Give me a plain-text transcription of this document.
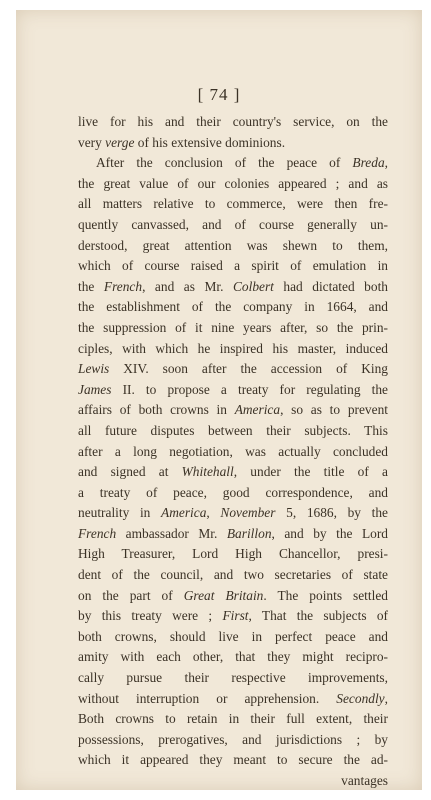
[ 74 ]
live for his and their country's service, on the
very verge of his extensive dominions.
After the conclusion of the peace of Breda,
the great value of our colonies appeared ; and as
all matters relative to commerce, were then fre-
quently canvassed, and of course generally un-
derstood, great attention was shewn to them,
which of course raised a spirit of emulation in
the French, and as Mr. Colbert had dictated both
the establishment of the company in 1664, and
the suppression of it nine years after, so the prin-
ciples, with which he inspired his master, induced
Lewis XIV. soon after the accession of King
James II. to propose a treaty for regulating the
affairs of both crowns in America, so as to prevent
all future disputes between their subjects. This
after a long negotiation, was actually concluded
and signed at Whitehall, under the title of a
a treaty of peace, good correspondence, and
neutrality in America, November 5, 1686, by the
French ambassador Mr. Barillon, and by the Lord
High Treasurer, Lord High Chancellor, presi-
dent of the council, and two secretaries of state
on the part of Great Britain. The points settled
by this treaty were ; First, That the subjects of
both crowns, should live in perfect peace and
amity with each other, that they might recipro-
cally pursue their respective improvements,
without interruption or apprehension. Secondly,
Both crowns to retain in their full extent, their
possessions, prerogatives, and jurisdictions ; by
which it appeared they meant to secure the ad-
vantages
